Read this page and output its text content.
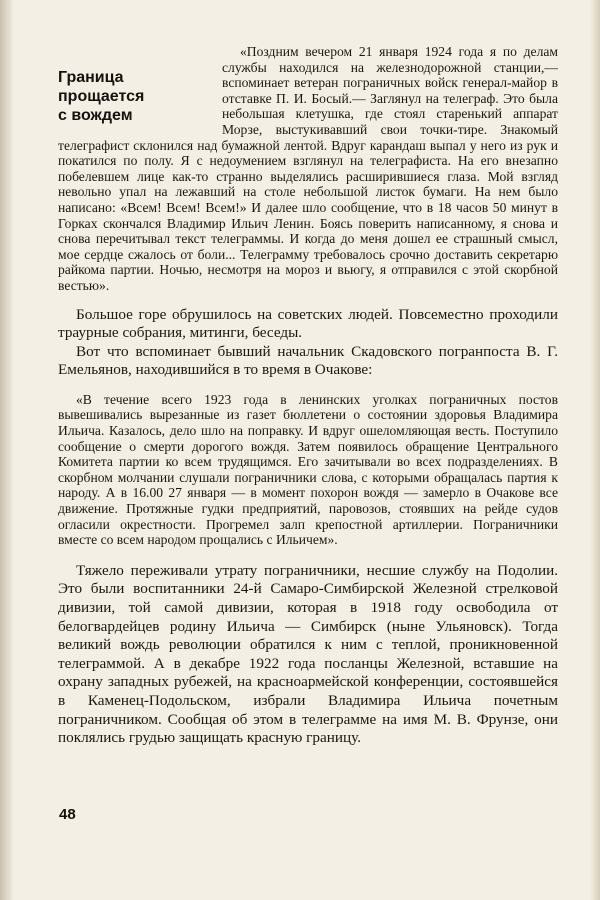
Граница
прощается
с вождем

«Поздним вечером 21 января 1924 года я по делам службы находился на железнодорожной станции,— вспоминает ветеран пограничных войск генерал-майор в отставке П. И. Босый.— Заглянул на телеграф. Это была небольшая клетушка, где стоял старенький аппарат Морзе, выстукивавший свои точки-тире. Знакомый телеграфист склонился над бумажной лентой. Вдруг карандаш выпал у него из рук и покатился по полу. Я с недоумением взглянул на телеграфиста. На его внезапно побелевшем лице как-то странно выделялись расширившиеся глаза. Мой взгляд невольно упал на лежавший на столе небольшой листок бумаги. На нем было написано: «Всем! Всем! Всем!» И далее шло сообщение, что в 18 часов 50 минут в Горках скончался Владимир Ильич Ленин. Боясь поверить написанному, я снова и снова перечитывал текст телеграммы. И когда до меня дошел ее страшный смысл, мое сердце сжалось от боли... Телеграмму требовалось срочно доставить секретарю райкома партии. Ночью, несмотря на мороз и вьюгу, я отправился с этой скорбной вестью».

Большое горе обрушилось на советских людей. Повсеместно проходили траурные собрания, митинги, беседы.

Вот что вспоминает бывший начальник Скадовского погранпоста В. Г. Емельянов, находившийся в то время в Очакове:

«В течение всего 1923 года в ленинских уголках пограничных постов вывешивались вырезанные из газет бюллетени о состоянии здоровья Владимира Ильича. Казалось, дело шло на поправку. И вдруг ошеломляющая весть. Поступило сообщение о смерти дорогого вождя. Затем появилось обращение Центрального Комитета партии ко всем трудящимся. Его зачитывали во всех подразделениях. В скорбном молчании слушали пограничники слова, с которыми обращалась партия к народу. А в 16.00 27 января — в момент похорон вождя — замерло в Очакове все движение. Протяжные гудки предприятий, паровозов, стоявших на рейде судов огласили окрестности. Прогремел залп крепостной артиллерии. Пограничники вместе со всем народом прощались с Ильичем».

Тяжело переживали утрату пограничники, несшие службу на Подолии. Это были воспитанники 24-й Самаро-Симбирской Железной стрелковой дивизии, той самой дивизии, которая в 1918 году освободила от белогвардейцев родину Ильича — Симбирск (ныне Ульяновск). Тогда великий вождь революции обратился к ним с теплой, проникновенной телеграммой. А в декабре 1922 года посланцы Железной, вставшие на охрану западных рубежей, на красноармейской конференции, состоявшейся в Каменец-Подольском, избрали Владимира Ильича почетным пограничником. Сообщая об этом в телеграмме на имя М. В. Фрунзе, они поклялись грудью защищать красную границу.

48
